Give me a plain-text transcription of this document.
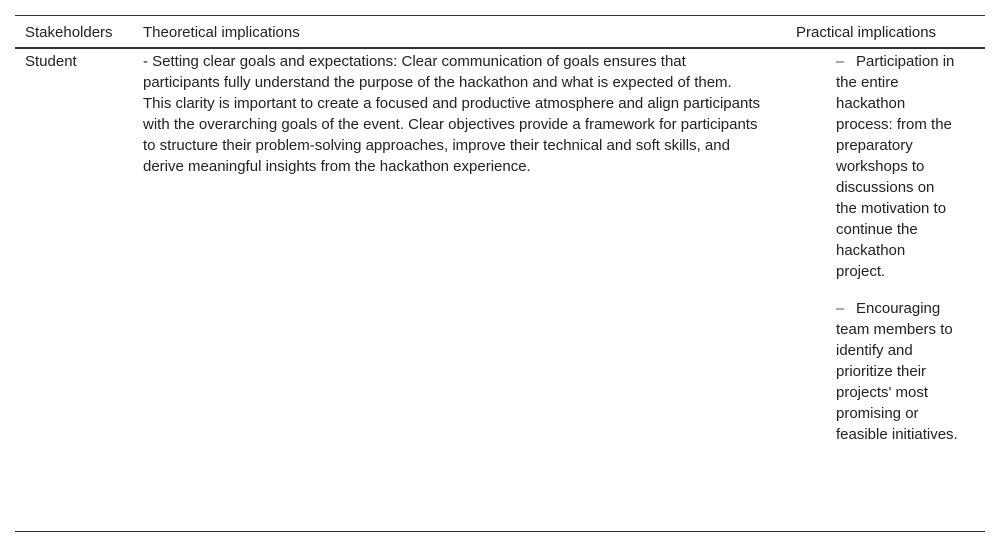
Stakeholders Theoretical implications	Practical implications
Student	- Setting clear goals and expectations: Clear communication of goals ensures that participants fully understand the purpose of the hackathon and what is expected of them. This clarity is important to create a focused and productive atmosphere and align participants with the overarching goals of the event. Clear objectives provide a framework for participants to structure their problem-solving approaches, improve their technical and soft skills, and derive meaningful insights from the hackathon experience.
– Participation in the entire hackathon process: from the preparatory workshops to discussions on the motivation to continue the hackathon project.
– Encouraging team members to identify and prioritize their projects' most promising or feasible initiatives.
